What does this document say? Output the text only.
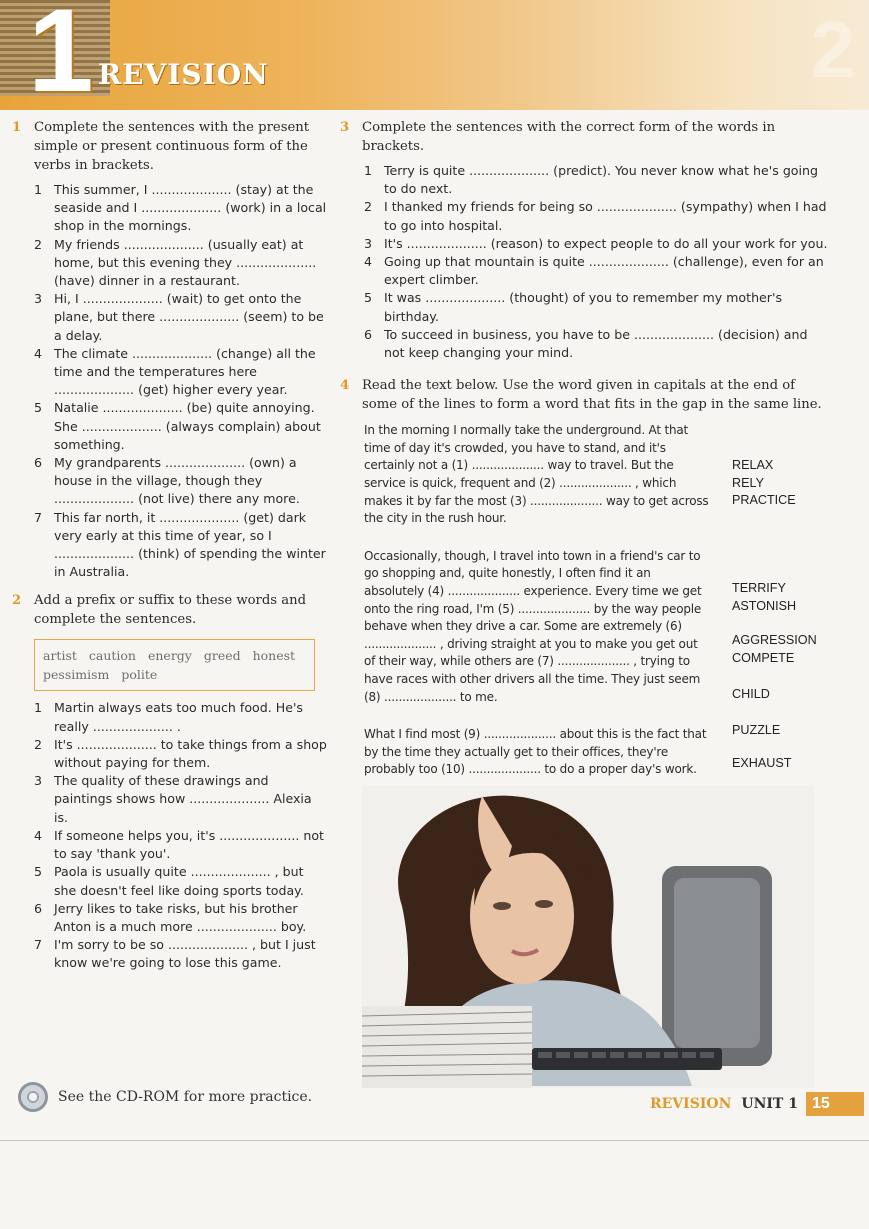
1 REVISION	2
1 Complete the sentences with the present simple or present continuous form of the verbs in brackets.
1 This summer, I .................... (stay) at the seaside and I .................... (work) in a local shop in the mornings.
2 My friends .................... (usually eat) at home, but this evening they .................... (have) dinner in a restaurant.
3 Hi, I .................... (wait) to get onto the plane, but there .................... (seem) to be a delay.
4 The climate .................... (change) all the time and the temperatures here .................... (get) higher every year.
5 Natalie .................... (be) quite annoying. She .................... (always complain) about something.
6 My grandparents .................... (own) a house in the village, though they .................... (not live) there any more.
7 This far north, it .................... (get) dark very early at this time of year, so I .................... (think) of spending the winter in Australia.
2 Add a prefix or suffix to these words and complete the sentences.
artist caution energy greed honest pessimism polite
1 Martin always eats too much food. He's really .................... .
2 It's .................... to take things from a shop without paying for them.
3 The quality of these drawings and paintings shows how .................... Alexia is.
4 If someone helps you, it's .................... not to say 'thank you'.
5 Paola is usually quite .................... , but she doesn't feel like doing sports today.
6 Jerry likes to take risks, but his brother Anton is a much more .................... boy.
7 I'm sorry to be so .................... , but I just know we're going to lose this game.
3 Complete the sentences with the correct form of the words in brackets.
1 Terry is quite .................... (predict). You never know what he's going to do next.
2 I thanked my friends for being so .................... (sympathy) when I had to go into hospital.
3 It's .................... (reason) to expect people to do all your work for you.
4 Going up that mountain is quite .................... (challenge), even for an expert climber.
5 It was .................... (thought) of you to remember my mother's birthday.
6 To succeed in business, you have to be .................... (decision) and not keep changing your mind.
4 Read the text below. Use the word given in capitals at the end of some of the lines to form a word that fits in the gap in the same line.

In the morning I normally take the underground. At that time of day it's crowded, you have to stand, and it's certainly not a (1) .................... way to travel. But the service is quick, frequent and (2) .................... , which makes it by far the most (3) .................... way to get across the city in the rush hour.

Occasionally, though, I travel into town in a friend's car to go shopping and, quite honestly, I often find it an absolutely (4) .................... experience. Every time we get onto the ring road, I'm (5) .................... by the way people behave when they drive a car. Some are extremely (6) .................... , driving straight at you to make you get out of their way, while others are (7) .................... , trying to have races with other drivers all the time. They just seem (8) .................... to me.

What I find most (9) .................... about this is the fact that by the time they actually get to their offices, they're probably too (10) .................... to do a proper day's work.

RELAX
RELY
PRACTICE
TERRIFY
ASTONISH
AGGRESSION
COMPETE
CHILD
PUZZLE
EXHAUST
See the CD-ROM for more practice.	REVISION UNIT 1 15
